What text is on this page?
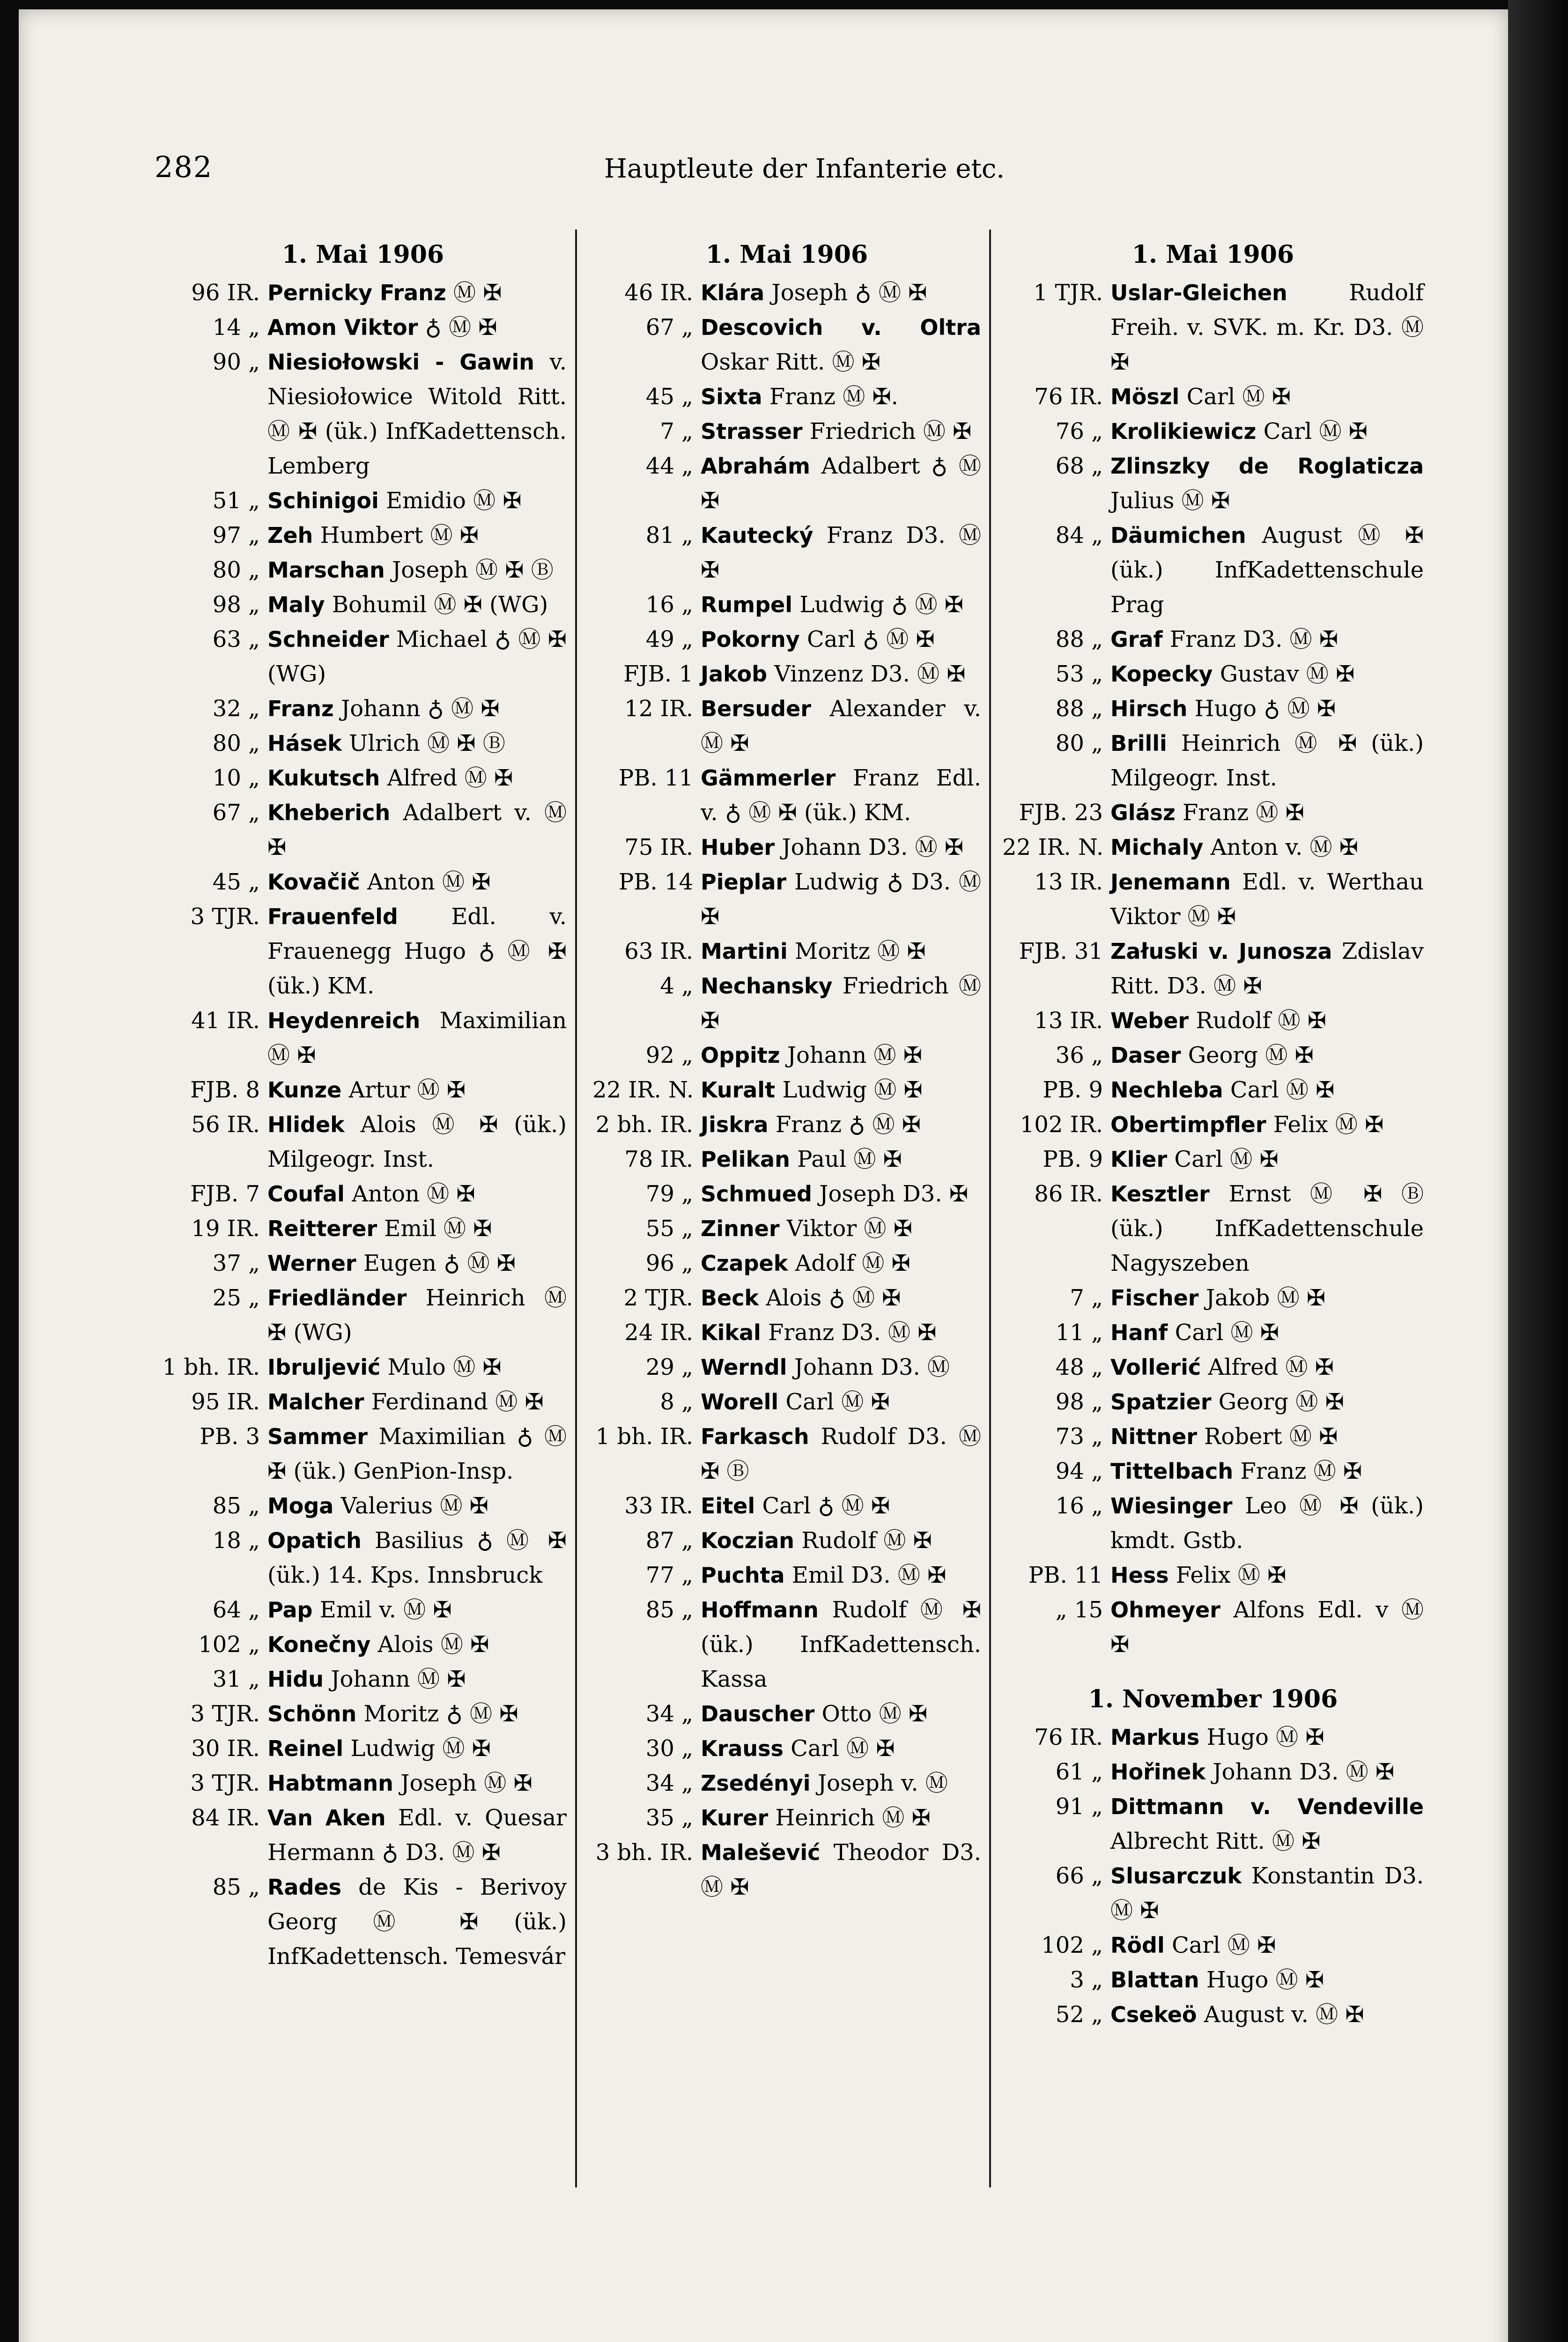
282	Hauptleute der Infanterie etc.
1. Mai 1906
96 IR. Pernicky Franz Ⓜ ✠
14 „ Amon Viktor ♁ Ⓜ ✠
90 „ Niesiołowski - Gawin v. Niesiołowice Witold Ritt. Ⓜ ✠ (ük.) InfKadettensch. Lemberg
51 „ Schinigoi Emidio Ⓜ ✠
97 „ Zeh Humbert Ⓜ ✠
80 „ Marschan Joseph Ⓜ ✠ Ⓑ
98 „ Maly Bohumil Ⓜ ✠ (WG)
63 „ Schneider Michael ♁ Ⓜ ✠ (WG)
32 „ Franz Johann ♁ Ⓜ ✠
80 „ Hásek Ulrich Ⓜ ✠ Ⓑ
10 „ Kukutsch Alfred Ⓜ ✠
67 „ Kheberich Adalbert v. Ⓜ ✠
45 „ Kovačič Anton Ⓜ ✠
3 TJR. Frauenfeld Edl. v. Frauenegg Hugo ♁ Ⓜ ✠ (ük.) KM.
41 IR. Heydenreich Maximilian Ⓜ ✠
FJB. 8 Kunze Artur Ⓜ ✠
56 IR. Hlidek Alois Ⓜ ✠ (ük.) Milgeogr. Inst.
FJB. 7 Coufal Anton Ⓜ ✠
19 IR. Reitterer Emil Ⓜ ✠
37 „ Werner Eugen ♁ Ⓜ ✠
25 „ Friedländer Heinrich Ⓜ ✠ (WG)
1 bh. IR. Ibruljević Mulo Ⓜ ✠
95 IR. Malcher Ferdinand Ⓜ ✠
PB. 3 Sammer Maximilian ♁ Ⓜ ✠ (ük.) GenPion-Insp.
85 „ Moga Valerius Ⓜ ✠
18 „ Opatich Basilius ♁ Ⓜ ✠ (ük.) 14. Kps. Innsbruck
64 „ Pap Emil v. Ⓜ ✠
102 „ Konečny Alois Ⓜ ✠
31 „ Hidu Johann Ⓜ ✠
3 TJR. Schönn Moritz ♁ Ⓜ ✠
30 IR. Reinel Ludwig Ⓜ ✠
3 TJR. Habtmann Joseph Ⓜ ✠
84 IR. Van Aken Edl. v. Quesar Hermann ♁ D3. Ⓜ ✠
85 „ Rades de Kis - Berivoy Georg Ⓜ ✠ (ük.) InfKadettensch. Temesvár
1. Mai 1906
46 IR. Klára Joseph ♁ Ⓜ ✠
67 „ Descovich v. Oltra Oskar Ritt. Ⓜ ✠
45 „ Sixta Franz Ⓜ ✠.
7 „ Strasser Friedrich Ⓜ ✠
44 „ Abrahám Adalbert ♁ Ⓜ ✠
81 „ Kautecký Franz D3. Ⓜ ✠
16 „ Rumpel Ludwig ♁ Ⓜ ✠
49 „ Pokorny Carl ♁ Ⓜ ✠
FJB. 1 Jakob Vinzenz D3. Ⓜ ✠
12 IR. Bersuder Alexander v. Ⓜ ✠
PB. 11 Gämmerler Franz Edl. v. ♁ Ⓜ ✠ (ük.) KM.
75 IR. Huber Johann D3. Ⓜ ✠
PB. 14 Pieplar Ludwig ♁ D3. Ⓜ ✠
63 IR. Martini Moritz Ⓜ ✠
4 „ Nechansky Friedrich Ⓜ ✠
92 „ Oppitz Johann Ⓜ ✠
22 IR. N. Kuralt Ludwig Ⓜ ✠
2 bh. IR. Jiskra Franz ♁ Ⓜ ✠
78 IR. Pelikan Paul Ⓜ ✠
79 „ Schmued Joseph D3. ✠
55 „ Zinner Viktor Ⓜ ✠
96 „ Czapek Adolf Ⓜ ✠
2 TJR. Beck Alois ♁ Ⓜ ✠
24 IR. Kikal Franz D3. Ⓜ ✠
29 „ Werndl Johann D3. Ⓜ
8 „ Worell Carl Ⓜ ✠
1 bh. IR. Farkasch Rudolf D3. Ⓜ ✠ Ⓑ
33 IR. Eitel Carl ♁ Ⓜ ✠
87 „ Koczian Rudolf Ⓜ ✠
77 „ Puchta Emil D3. Ⓜ ✠
85 „ Hoffmann Rudolf Ⓜ ✠ (ük.) InfKadettensch. Kassa
34 „ Dauscher Otto Ⓜ ✠
30 „ Krauss Carl Ⓜ ✠
34 „ Zsedényi Joseph v. Ⓜ
35 „ Kurer Heinrich Ⓜ ✠
3 bh. IR. Malešević Theodor D3. Ⓜ ✠
1. Mai 1906
1 TJR. Uslar-Gleichen	Rudolf Freih. v. SVK. m. Kr. D3. Ⓜ ✠
76 IR. Möszl Carl Ⓜ ✠
76 „ Krolikiewicz Carl Ⓜ ✠
68 „ Zlinszky de Roglaticza Julius Ⓜ ✠
84 „ Däumichen August Ⓜ ✠ (ük.) InfKadettenschule Prag
88 „ Graf Franz D3. Ⓜ ✠
53 „ Kopecky Gustav Ⓜ ✠
88 „ Hirsch Hugo ♁ Ⓜ ✠
80 „ Brilli Heinrich Ⓜ ✠ (ük.) Milgeogr. Inst.
FJB. 23 Glász Franz Ⓜ ✠
22 IR. N. Michaly Anton v. Ⓜ ✠
13 IR. Jenemann Edl. v. Werthau Viktor Ⓜ ✠
FJB. 31 Załuski v. Junosza Zdislav Ritt. D3. Ⓜ ✠
13 IR. Weber Rudolf Ⓜ ✠
36 „ Daser Georg Ⓜ ✠
PB. 9 Nechleba Carl Ⓜ ✠
102 IR. Obertimpfler Felix Ⓜ ✠
PB. 9 Klier Carl Ⓜ ✠
86 IR. Kesztler Ernst Ⓜ ✠ Ⓑ (ük.) InfKadettenschule Nagyszeben
7 „ Fischer Jakob Ⓜ ✠
11 „ Hanf Carl Ⓜ ✠
48 „ Vollerić Alfred Ⓜ ✠
98 „ Spatzier Georg Ⓜ ✠
73 „ Nittner Robert Ⓜ ✠
94 „ Tittelbach Franz Ⓜ ✠
16 „ Wiesinger Leo Ⓜ ✠ (ük.) kmdt. Gstb.
PB. 11 Hess Felix Ⓜ ✠
„ 15 Ohmeyer Alfons Edl. v Ⓜ ✠
1. November 1906
76 IR. Markus Hugo Ⓜ ✠
61 „ Hořinek Johann D3. Ⓜ ✠
91 „ Dittmann v. Vendeville Albrecht Ritt. Ⓜ ✠
66 „ Slusarczuk Konstantin D3. Ⓜ ✠
102 „ Rödl Carl Ⓜ ✠
3 „ Blattan Hugo Ⓜ ✠
52 „ Csekeö August v. Ⓜ ✠
